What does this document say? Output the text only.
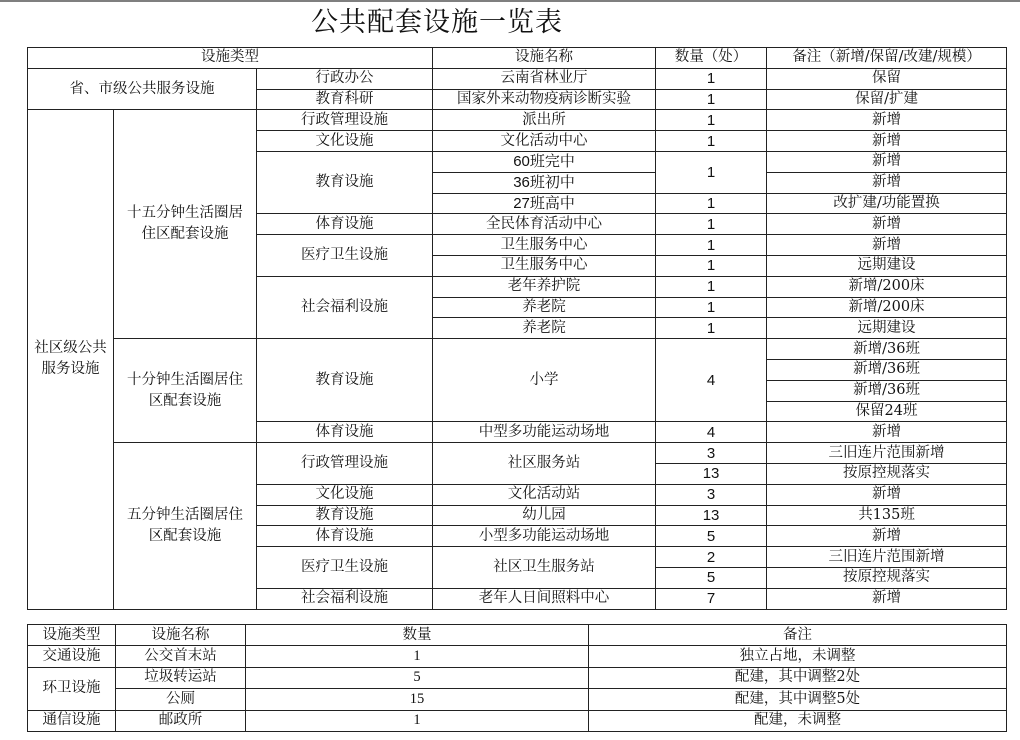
公共配套设施一览表
设施类型			设施名称	数量（处）	备注（新增/保留/改建/规模）
省、市级公共服务设施		行政办公	云南省林业厅	1	保留
		教育科研	国家外来动物疫病诊断实验	1	保留/扩建
社区级公共服务设施	十五分钟生活圈居住区配套设施	行政管理设施	派出所	1	新增
		文化设施	文化活动中心	1	新增
		教育设施	60班完中	1	新增
			36班初中		新增
			27班高中	1	改扩建/功能置换
		体育设施	全民体育活动中心	1	新增
		医疗卫生设施	卫生服务中心	1	新增
			卫生服务中心	1	远期建设
		社会福利设施	老年养护院	1	新增/200床
			养老院	1	新增/200床
			养老院	1	远期建设
	十分钟生活圈居住区配套设施	教育设施	小学	4	新增/36班
					新增/36班
					新增/36班
					保留24班
		体育设施	中型多功能运动场地	4	新增
	五分钟生活圈居住区配套设施	行政管理设施	社区服务站	3	三旧连片范围新增
				13	按原控规落实
		文化设施	文化活动站	3	新增
		教育设施	幼儿园	13	共135班
		体育设施	小型多功能运动场地	5	新增
		医疗卫生设施	社区卫生服务站	2	三旧连片范围新增
				5	按原控规落实
		社会福利设施	老年人日间照料中心	7	新增
设施类型	设施名称	数量	备注
交通设施	公交首末站	1	独立占地，未调整
环卫设施	垃圾转运站	5	配建，其中调整2处
	公厕	15	配建，其中调整5处
通信设施	邮政所	1	配建，未调整
